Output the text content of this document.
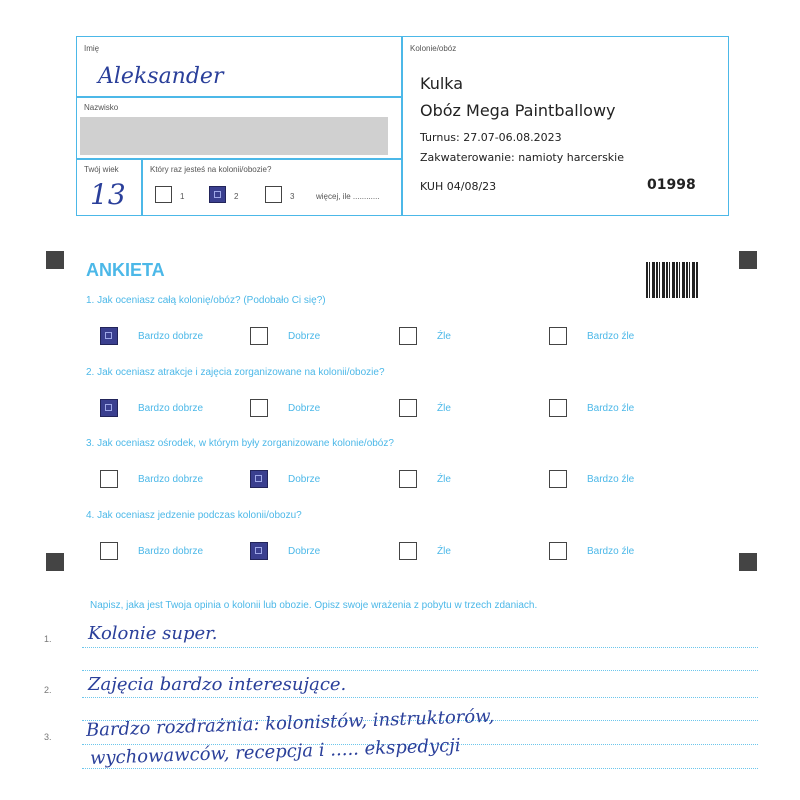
Imię
Aleksander
Nazwisko
Twój wiek
13
Który raz jesteś na kolonii/obozie?
1	2	3	więcej, ile ............
Kolonie/obóz
Kulka
Obóz Mega Paintballowy
Turnus: 27.07-06.08.2023
Zakwaterowanie: namioty harcerskie
KUH 04/08/23	01998
ANKIETA
1. Jak oceniasz całą kolonię/obóz? (Podobało Ci się?)
Bardzo dobrze	Dobrze	Źle	Bardzo źle
2. Jak oceniasz atrakcje i zajęcia zorganizowane na kolonii/obozie?
Bardzo dobrze	Dobrze	Źle	Bardzo źle
3. Jak oceniasz ośrodek, w którym były zorganizowane kolonie/obóz?
Bardzo dobrze	Dobrze	Źle	Bardzo źle
4. Jak oceniasz jedzenie podczas kolonii/obozu?
Bardzo dobrze	Dobrze	Źle	Bardzo źle
Napisz, jaka jest Twoja opinia o kolonii lub obozie. Opisz swoje wrażenia z pobytu w trzech zdaniach.
1.
2.
3.
Kolonie super.
Zajęcia bardzo interesujące.
Bardzo rozdrażnia: kolonistów, instruktorów,
wychowawców, recepcja i ..... ekspedycji
